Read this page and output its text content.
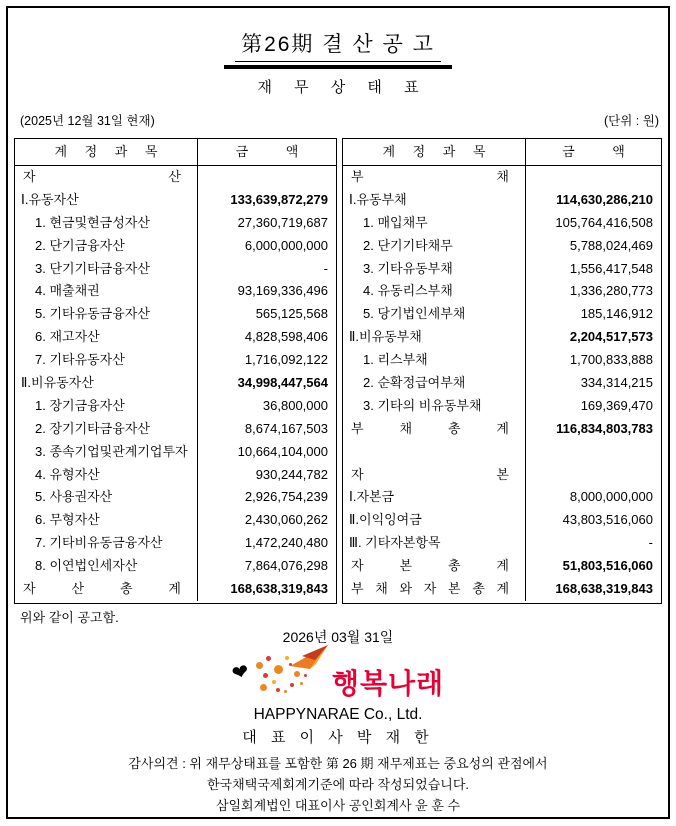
第26期 결 산 공 고
재 무 상 태 표
(2025년 12월 31일 현재)	(단위 : 원)
계 정 과 목	금 액
자 산
Ⅰ.유동자산	133,639,872,279
1. 현금및현금성자산	27,360,719,687
2. 단기금융자산	6,000,000,000
3. 단기기타금융자산	-
4. 매출채권	93,169,336,496
5. 기타유동금융자산	565,125,568
6. 재고자산	4,828,598,406
7. 기타유동자산	1,716,092,122
Ⅱ.비유동자산	34,998,447,564
1. 장기금융자산	36,800,000
2. 장기기타금융자산	8,674,167,503
3. 종속기업및관계기업투자	10,664,104,000
4. 유형자산	930,244,782
5. 사용권자산	2,926,754,239
6. 무형자산	2,430,060,262
7. 기타비유동금융자산	1,472,240,480
8. 이연법인세자산	7,864,076,298
자 산 총 계	168,638,319,843
계 정 과 목	금 액
부 채
Ⅰ.유동부채	114,630,286,210
1. 매입채무	105,764,416,508
2. 단기기타채무	5,788,024,469
3. 기타유동부채	1,556,417,548
4. 유동리스부채	1,336,280,773
5. 당기법인세부채	185,146,912
Ⅱ.비유동부채	2,204,517,573
1. 리스부채	1,700,833,888
2. 순확정급여부채	334,314,215
3. 기타의 비유동부채	169,369,470
부 채 총 계	116,834,803,783
자 본
Ⅰ.자본금	8,000,000,000
Ⅱ.이익잉여금	43,803,516,060
Ⅲ. 기타자본항목	-
자 본 총 계	51,803,516,060
부 채 와 자 본 총 계	168,638,319,843
위와 같이 공고함.
2026년 03월 31일
❤	행복나래
HAPPYNARAE Co., Ltd.
대 표 이 사 박 재 한
감사의견 : 위 재무상태표를 포함한 第 26 期 재무제표는 중요성의 관점에서
한국채택국제회계기준에 따라 작성되었습니다.
삼일회계법인 대표이사 공인회계사 윤 훈 수
